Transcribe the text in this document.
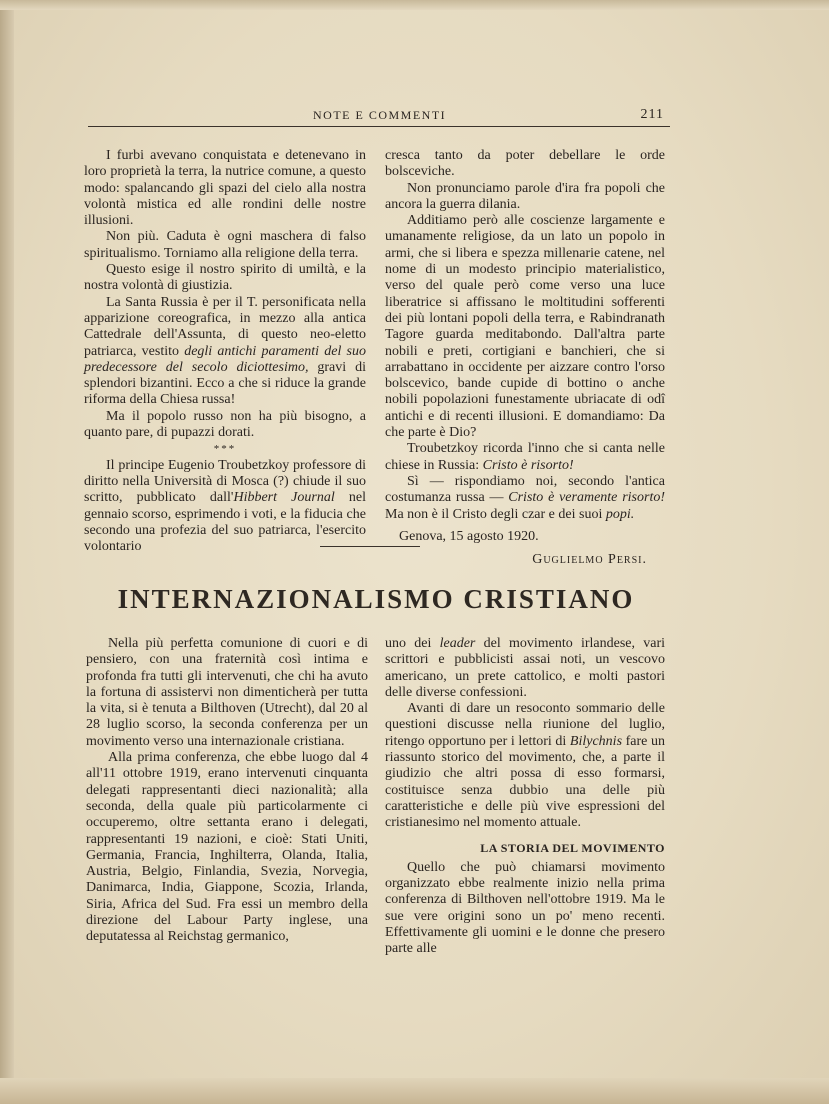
NOTE E COMMENTI	211

I furbi avevano conquistata e detenevano in loro proprietà la terra, la nutrice comune, a questo modo: spalancando gli spazi del cielo alla nostra volontà mistica ed alle rondini delle nostre illusioni.

Non più. Caduta è ogni maschera di falso spiritualismo. Torniamo alla religione della terra.

Questo esige il nostro spirito di umiltà, e la nostra volontà di giustizia.

La Santa Russia è per il T. personificata nella apparizione coreografica, in mezzo alla antica Cattedrale dell'Assunta, di questo neo-eletto patriarca, vestito degli antichi paramenti del suo predecessore del secolo diciottesimo, gravi di splendori bizantini. Ecco a che si riduce la grande riforma della Chiesa russa!

Ma il popolo russo non ha più bisogno, a quanto pare, di pupazzi dorati.

***

Il principe Eugenio Troubetzkoy professore di diritto nella Università di Mosca (?) chiude il suo scritto, pubblicato dall'Hibbert Journal nel gennaio scorso, esprimendo i voti, e la fiducia che secondo una profezia del suo patriarca, l'esercito volontario

cresca tanto da poter debellare le orde bolsceviche.

Non pronunciamo parole d'ira fra popoli che ancora la guerra dilania.

Additiamo però alle coscienze largamente e umanamente religiose, da un lato un popolo in armi, che si libera e spezza millenarie catene, nel nome di un modesto principio materialistico, verso del quale però come verso una luce liberatrice si affissano le moltitudini sofferenti dei più lontani popoli della terra, e Rabindranath Tagore guarda meditabondo. Dall'altra parte nobili e preti, cortigiani e banchieri, che si arrabattano in occidente per aizzare contro l'orso bolscevico, bande cupide di bottino o anche nobili popolazioni funestamente ubriacate di odî antichi e di recenti illusioni. E domandiamo: Da che parte è Dio?

Troubetzkoy ricorda l'inno che si canta nelle chiese in Russia: Cristo è risorto!

Sì — rispondiamo noi, secondo l'antica costumanza russa — Cristo è veramente risorto! Ma non è il Cristo degli czar e dei suoi popi.

Genova, 15 agosto 1920.

Guglielmo Persi.

INTERNAZIONALISMO CRISTIANO

Nella più perfetta comunione di cuori e di pensiero, con una fraternità così intima e profonda fra tutti gli intervenuti, che chi ha avuto la fortuna di assistervi non dimenticherà per tutta la vita, si è tenuta a Bilthoven (Utrecht), dal 20 al 28 luglio scorso, la seconda conferenza per un movimento verso una internazionale cristiana.

Alla prima conferenza, che ebbe luogo dal 4 all'11 ottobre 1919, erano intervenuti cinquanta delegati rappresentanti dieci nazionalità; alla seconda, della quale più particolarmente ci occuperemo, oltre settanta erano i delegati, rappresentanti 19 nazioni, e cioè: Stati Uniti, Germania, Francia, Inghilterra, Olanda, Italia, Austria, Belgio, Finlandia, Svezia, Norvegia, Danimarca, India, Giappone, Scozia, Irlanda, Siria, Africa del Sud. Fra essi un membro della direzione del Labour Party inglese, una deputatessa al Reichstag germanico,

uno dei leader del movimento irlandese, vari scrittori e pubblicisti assai noti, un vescovo americano, un prete cattolico, e molti pastori delle diverse confessioni.

Avanti di dare un resoconto sommario delle questioni discusse nella riunione del luglio, ritengo opportuno per i lettori di Bilychnis fare un riassunto storico del movimento, che, a parte il giudizio che altri possa di esso formarsi, costituisce senza dubbio una delle più caratteristiche e delle più vive espressioni del cristianesimo nel momento attuale.

LA STORIA DEL MOVIMENTO

Quello che può chiamarsi movimento organizzato ebbe realmente inizio nella prima conferenza di Bilthoven nell'ottobre 1919. Ma le sue vere origini sono un po' meno recenti. Effettivamente gli uomini e le donne che presero parte alle
